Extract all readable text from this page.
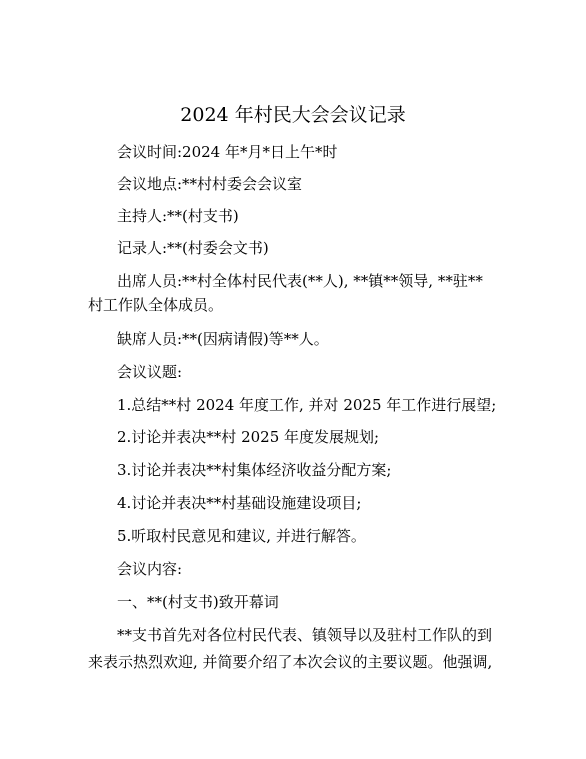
2024 年村民大会会议记录
会议时间:2024 年*月*日上午*时
会议地点:**村村委会会议室
主持人:**(村支书)
记录人:**(村委会文书)
出席人员:**村全体村民代表(**人), **镇**领导, **驻**
村工作队全体成员。
缺席人员:**(因病请假)等**人。
会议议题:
1.总结**村 2024 年度工作, 并对 2025 年工作进行展望;
2.讨论并表决**村 2025 年度发展规划;
3.讨论并表决**村集体经济收益分配方案;
4.讨论并表决**村基础设施建设项目;
5.听取村民意见和建议, 并进行解答。
会议内容:
一、**(村支书)致开幕词
**支书首先对各位村民代表、镇领导以及驻村工作队的到
来表示热烈欢迎, 并简要介绍了本次会议的主要议题。他强调,
